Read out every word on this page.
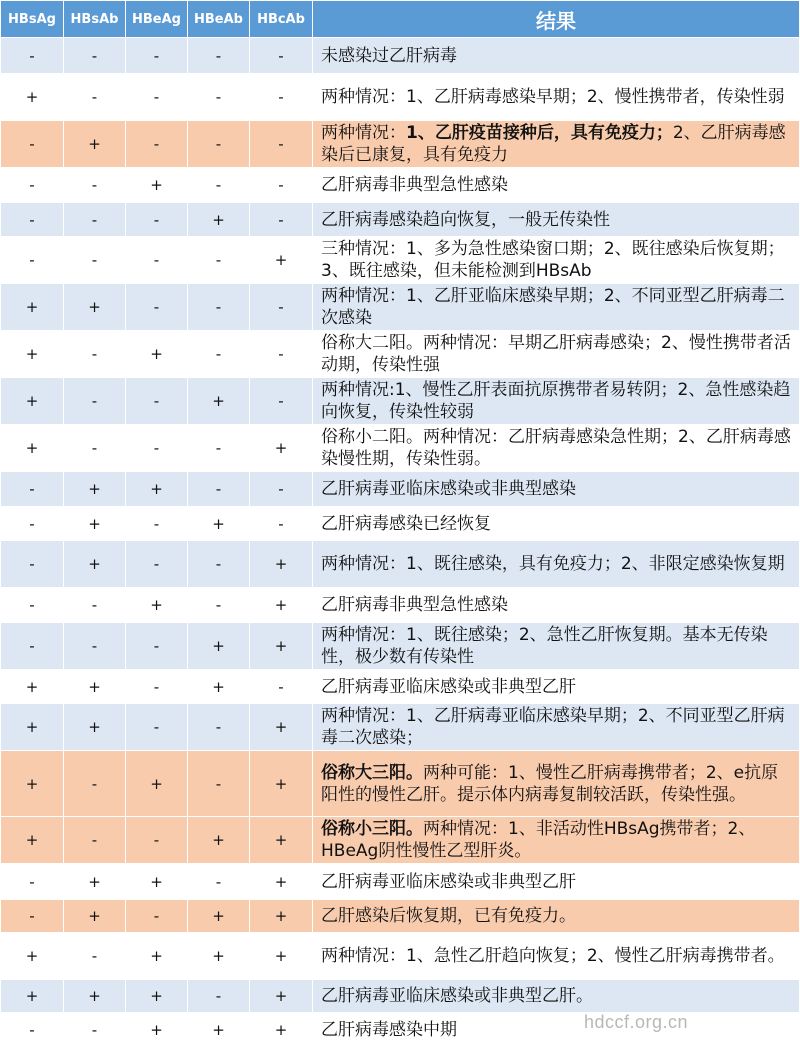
HBsAg	HBsAb	HBeAg	HBeAb	HBcAb	结果
-	-	-	-	-	未感染过乙肝病毒
+	-	-	-	-	两种情况：1、乙肝病毒感染早期；2、慢性携带者，传染性弱
-	+	-	-	-	两种情况：1、乙肝疫苗接种后，具有免疫力；2、乙肝病毒感染后已康复，具有免疫力
-	-	+	-	-	乙肝病毒非典型急性感染
-	-	-	+	-	乙肝病毒感染趋向恢复，一般无传染性
-	-	-	-	+	三种情况：1、多为急性感染窗口期；2、既往感染后恢复期；3、既往感染，但未能检测到HBsAb
+	+	-	-	-	两种情况：1、乙肝亚临床感染早期；2、不同亚型乙肝病毒二次感染
+	-	+	-	-	俗称大二阳。两种情况：早期乙肝病毒感染；2、慢性携带者活动期，传染性强
+	-	-	+	-	两种情况:1、慢性乙肝表面抗原携带者易转阴；2、急性感染趋向恢复，传染性较弱
+	-	-	-	+	俗称小二阳。两种情况：乙肝病毒感染急性期；2、乙肝病毒感染慢性期，传染性弱。
-	+	+	-	-	乙肝病毒亚临床感染或非典型感染
-	+	-	+	-	乙肝病毒感染已经恢复
-	+	-	-	+	两种情况：1、既往感染，具有免疫力；2、非限定感染恢复期
-	-	+	-	+	乙肝病毒非典型急性感染
-	-	-	+	+	两种情况：1、既往感染；2、急性乙肝恢复期。基本无传染性，极少数有传染性
+	+	-	+	-	乙肝病毒亚临床感染或非典型乙肝
+	+	-	-	+	两种情况：1、乙肝病毒亚临床感染早期；2、不同亚型乙肝病毒二次感染；
+	-	+	-	+	俗称大三阳。两种可能：1、慢性乙肝病毒携带者；2、e抗原阳性的慢性乙肝。提示体内病毒复制较活跃，传染性强。
+	-	-	+	+	俗称小三阳。两种情况：1、非活动性HBsAg携带者；2、HBeAg阴性慢性乙型肝炎。
-	+	+	-	+	乙肝病毒亚临床感染或非典型乙肝
-	+	-	+	+	乙肝感染后恢复期，已有免疫力。
+	-	+	+	+	两种情况：1、急性乙肝趋向恢复；2、慢性乙肝病毒携带者。
+	+	+	-	+	乙肝病毒亚临床感染或非典型乙肝。
-	-	+	+	+	乙肝病毒感染中期	hdccf.org.cn
